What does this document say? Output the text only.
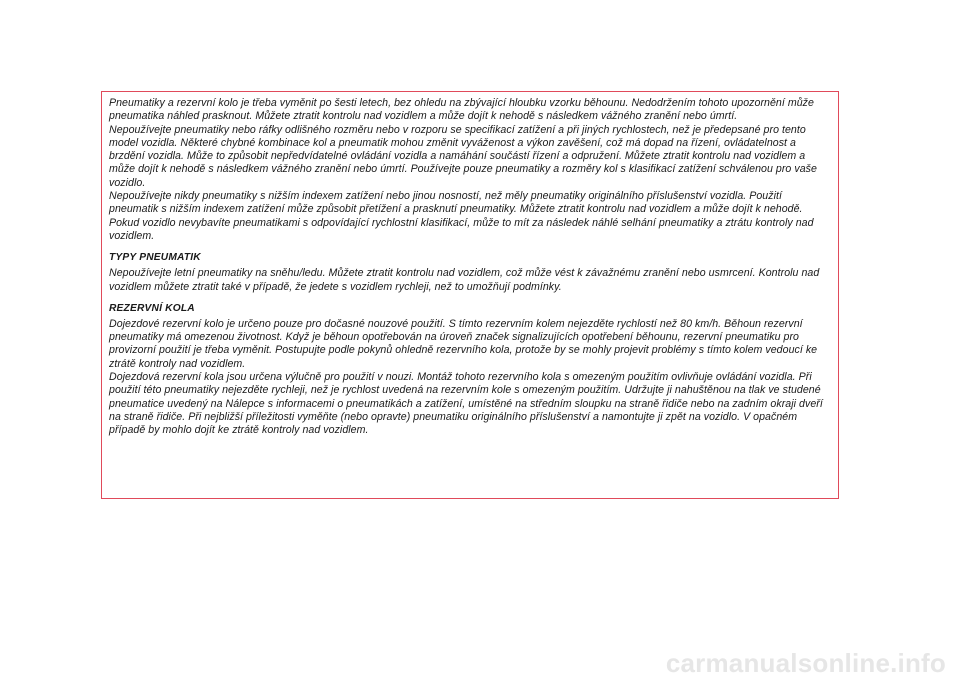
Pneumatiky a rezervní kolo je třeba vyměnit po šesti letech, bez ohledu na zbývající hloubku vzorku běhounu. Nedodržením tohoto upozornění může pneumatika náhled prasknout. Můžete ztratit kontrolu nad vozidlem a může dojít k nehodě s následkem vážného zranění nebo úmrtí.

Nepoužívejte pneumatiky nebo ráfky odlišného rozměru nebo v rozporu se specifikací zatížení a při jiných rychlostech, než je předepsané pro tento model vozidla. Některé chybné kombinace kol a pneumatik mohou změnit vyváženost a výkon zavěšení, což má dopad na řízení, ovládatelnost a brzdění vozidla. Může to způsobit nepředvídatelné ovládání vozidla a namáhání součástí řízení a odpružení. Můžete ztratit kontrolu nad vozidlem a může dojít k nehodě s následkem vážného zranění nebo úmrtí. Používejte pouze pneumatiky a rozměry kol s klasifikací zatížení schválenou pro vaše vozidlo.

Nepoužívejte nikdy pneumatiky s nižším indexem zatížení nebo jinou nosností, než měly pneumatiky originálního příslušenství vozidla. Použití pneumatik s nižším indexem zatížení může způsobit přetížení a prasknutí pneumatiky. Můžete ztratit kontrolu nad vozidlem a může dojít k nehodě.

Pokud vozidlo nevybavíte pneumatikami s odpovídající rychlostní klasifikací, může to mít za následek náhlé selhání pneumatiky a ztrátu kontroly nad vozidlem.

TYPY PNEUMATIK

Nepoužívejte letní pneumatiky na sněhu/ledu. Můžete ztratit kontrolu nad vozidlem, což může vést k závažnému zranění nebo usmrcení. Kontrolu nad vozidlem můžete ztratit také v případě, že jedete s vozidlem rychleji, než to umožňují podmínky.

REZERVNÍ KOLA

Dojezdové rezervní kolo je určeno pouze pro dočasné nouzové použití. S tímto rezervním kolem nejezděte rychlostí než 80 km/h. Běhoun rezervní pneumatiky má omezenou životnost. Když je běhoun opotřebován na úroveň značek signalizujících opotřebení běhounu, rezervní pneumatiku pro provizorní použití je třeba vyměnit. Postupujte podle pokynů ohledně rezervního kola, protože by se mohly projevit problémy s tímto kolem vedoucí ke ztrátě kontroly nad vozidlem.

Dojezdová rezervní kola jsou určena výlučně pro použití v nouzi. Montáž tohoto rezervního kola s omezeným použitím ovlivňuje ovládání vozidla. Při použití této pneumatiky nejezděte rychleji, než je rychlost uvedená na rezervním kole s omezeným použitím. Udržujte ji nahuštěnou na tlak ve studené pneumatice uvedený na Nálepce s informacemi o pneumatikách a zatížení, umístěné na středním sloupku na straně řidiče nebo na zadním okraji dveří na straně řidiče. Při nejbližší příležitosti vyměňte (nebo opravte) pneumatiku originálního příslušenství a namontujte ji zpět na vozidlo. V opačném případě by mohlo dojít ke ztrátě kontroly nad vozidlem.

carmanualsonline.info
